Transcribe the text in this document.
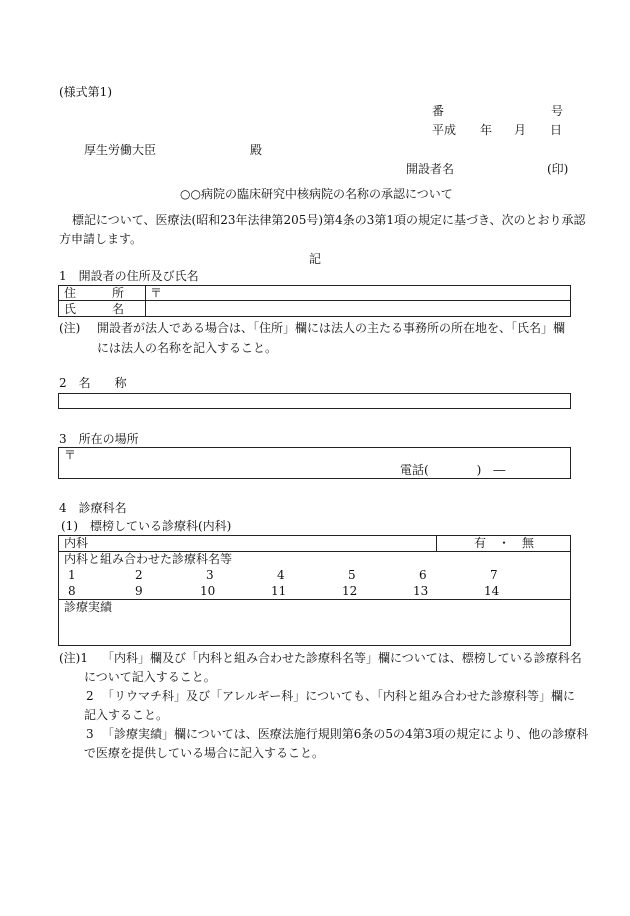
(様式第1)
番	号
平成 年 月 日
厚生労働大臣	殿
開設者名	(印)
○○病院の臨床研究中核病院の名称の承認について
標記について、医療法(昭和23年法律第205号)第4条の3第1項の規定に基づき、次のとおり承認
方申請します。
記
1　開設者の住所及び氏名
住　　　所 〒
氏　　　名
(注) 開設者が法人である場合は、「住所」欄には法人の主たる事務所の所在地を、「氏名」欄
には法人の名称を記入すること。
2　名　　称
3　所在の場所
〒
電話(　　　　)　―
4　診療科名
(1)　標榜している診療科(内科)
内科	有　・　無
内科と組み合わせた診療科名等
1	2	3	4	5	6	7
8	9	10	11	12	13	14
診療実績
(注)1 「内科」欄及び「内科と組み合わせた診療科名等」欄については、標榜している診療科名
について記入すること。
2 「リウマチ科」及び「アレルギー科」についても、「内科と組み合わせた診療科等」欄に
記入すること。
3 「診療実績」欄については、医療法施行規則第6条の5の4第3項の規定により、他の診療科
で医療を提供している場合に記入すること。
